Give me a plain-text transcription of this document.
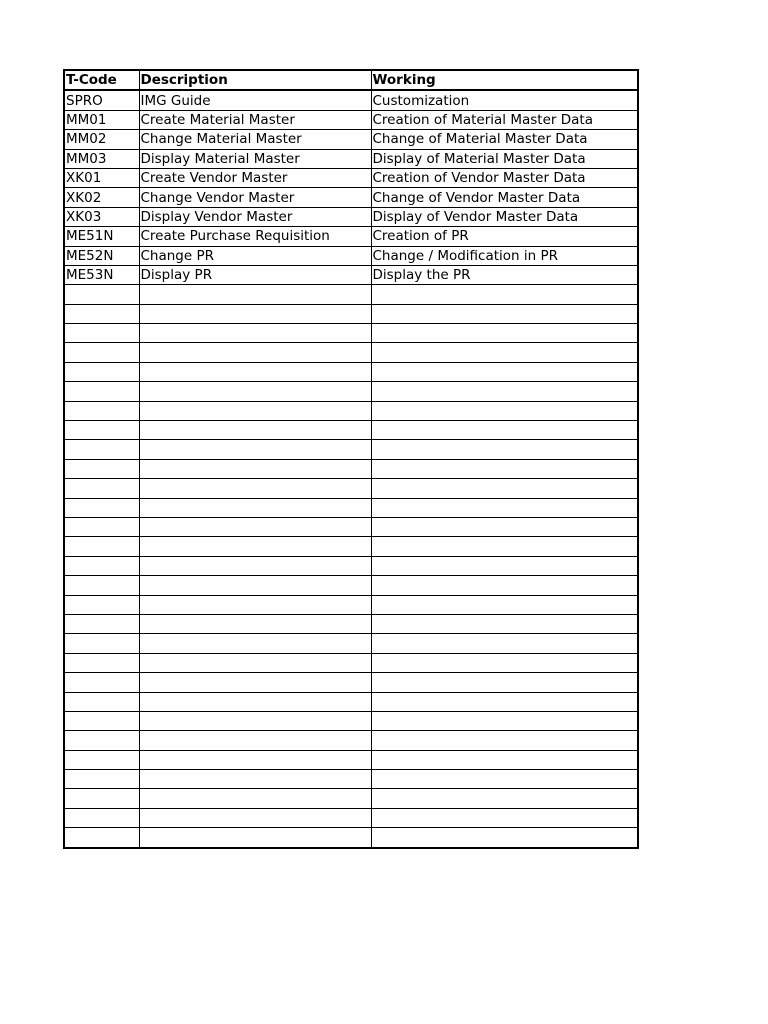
T-Code	Description	Working
SPRO	IMG Guide	Customization
MM01	Create Material Master	Creation of Material Master Data
MM02	Change Material Master	Change of Material Master Data
MM03	Display Material Master	Display of Material Master Data
XK01	Create Vendor Master	Creation of Vendor Master Data
XK02	Change Vendor Master	Change of Vendor Master Data
XK03	Display Vendor Master	Display of Vendor Master Data
ME51N	Create Purchase Requisition	Creation of PR
ME52N	Change PR	Change / Modification in PR
ME53N	Display PR	Display the PR
